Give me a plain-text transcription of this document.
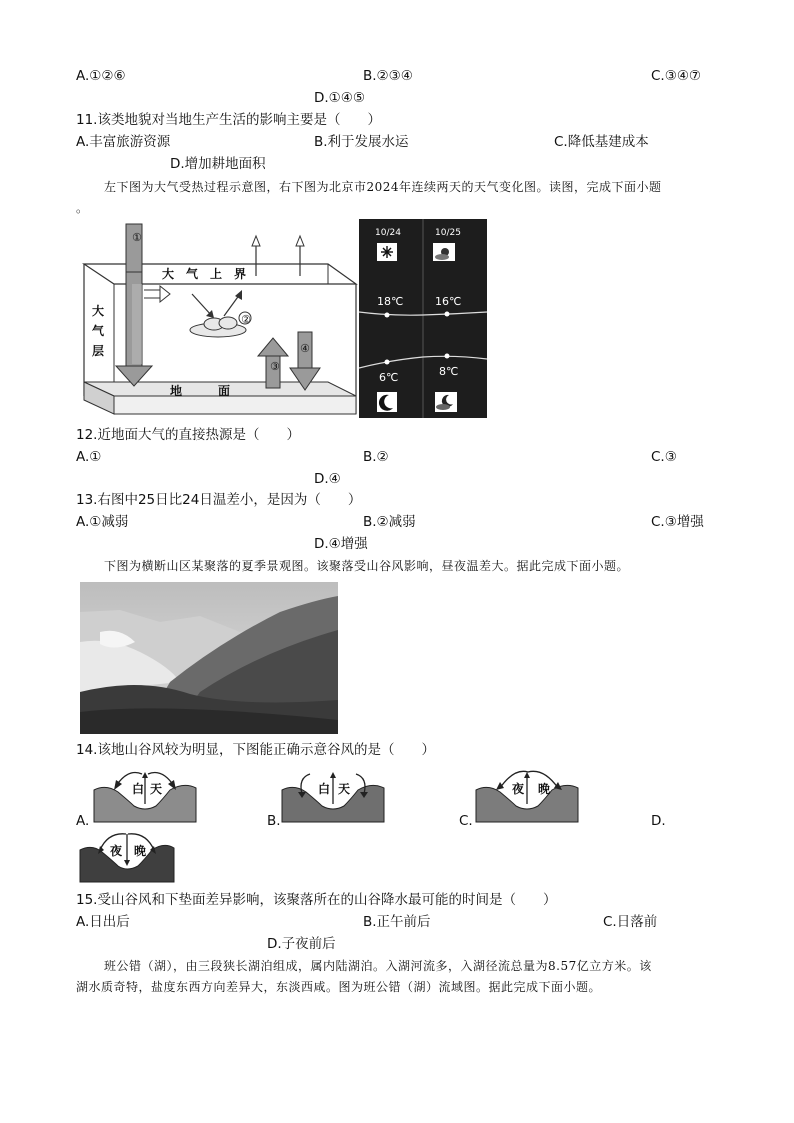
A.①②⑥	B.②③④	C.③④⑦
D.①④⑤
11.该类地貌对当地生产生活的影响主要是（　　）
A.丰富旅游资源	B.利于发展水运	C.降低基建成本
D.增加耕地面积
左下图为大气受热过程示意图，右下图为北京市2024年连续两天的天气变化图。读图，完成下面小题
。
①
②
③
④
大　气　上　界
大
气
层
地　　　面
10/24	10/25
18℃	16℃
6℃	8℃
12.近地面大气的直接热源是（　　）
A.①	B.②	C.③
D.④
13.右图中25日比24日温差小，是因为（　　）
A.①减弱	B.②减弱	C.③增强
D.④增强
下图为横断山区某聚落的夏季景观图。该聚落受山谷风影响，昼夜温差大。据此完成下面小题。
14.该地山谷风较为明显，下图能正确示意谷风的是（　　）
白 天	白 天	夜 晚
A.	B.	C.	D.
夜 晚
15.受山谷风和下垫面差异影响，该聚落所在的山谷降水最可能的时间是（　　）
A.日出后	B.正午前后	C.日落前
D.子夜前后
班公错（湖），由三段狭长湖泊组成，属内陆湖泊。入湖河流多，入湖径流总量为8.57亿立方米。该
湖水质奇特，盐度东西方向差异大，东淡西咸。图为班公错（湖）流域图。据此完成下面小题。
